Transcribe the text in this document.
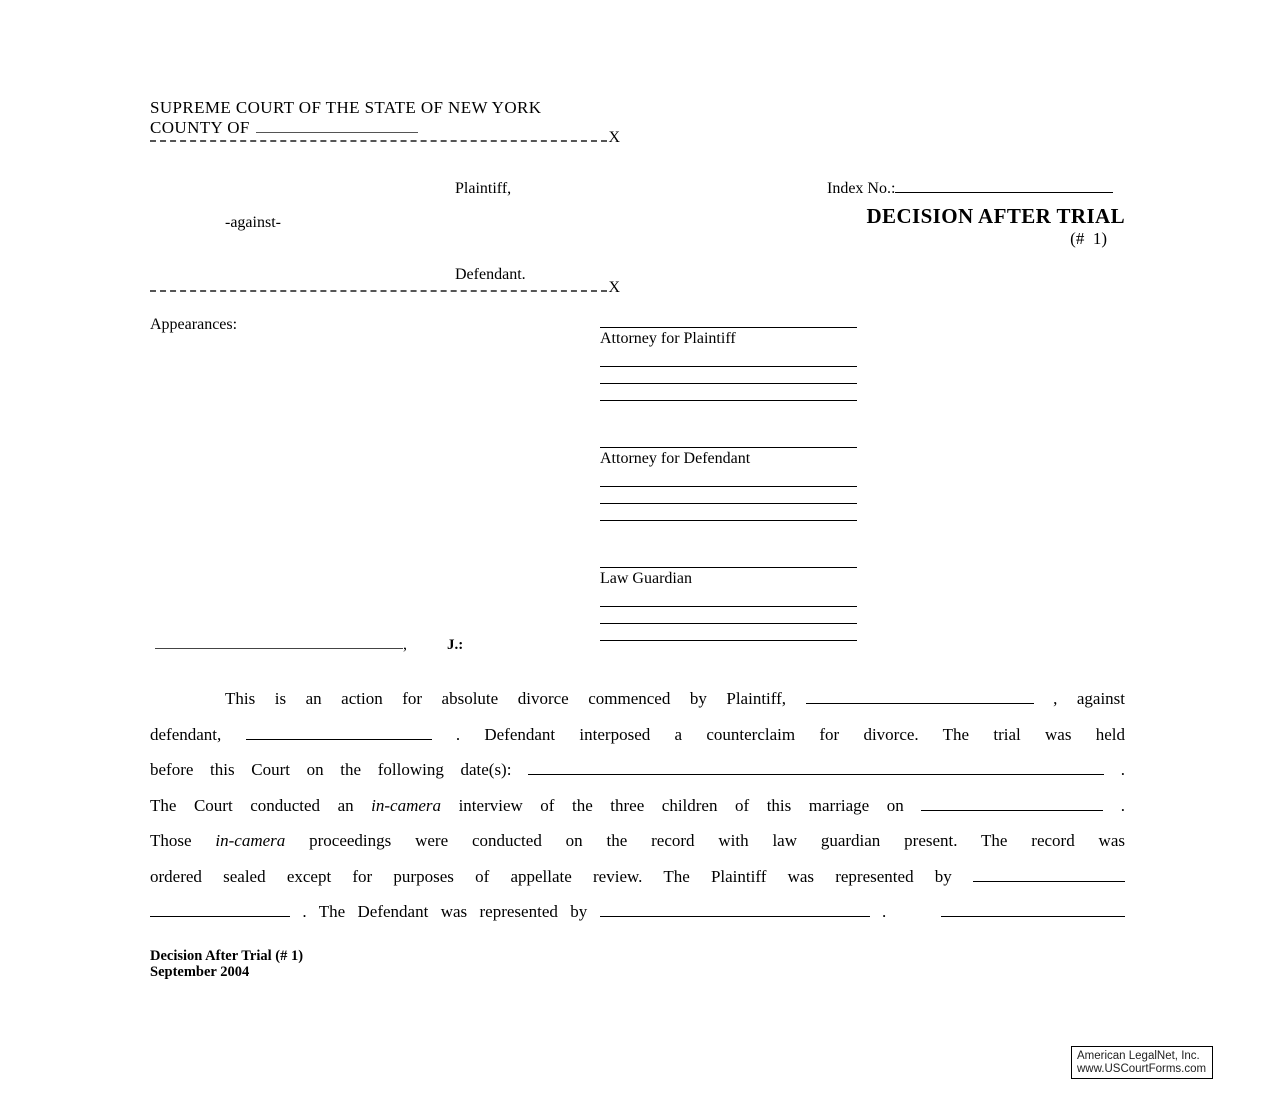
SUPREME COURT OF THE STATE OF NEW YORK
COUNTY OF
X
Plaintiff,
-against-
Defendant.
Index No.:
DECISION AFTER TRIAL
(#  1)
X
Appearances:
Attorney for Plaintiff
Attorney for Defendant
Law Guardian
,	J.:
This is an action for absolute divorce commenced by Plaintiff,	, against
defendant,	. Defendant interposed a counterclaim for divorce. The trial was held
before this Court on the following date(s):	.
The Court conducted an in-camera interview of the three children of this marriage on	.
Those in-camera proceedings were conducted on the record with law guardian present. The record was
ordered sealed except for purposes of appellate review. The Plaintiff was represented by
. The Defendant was represented by	.
Decision After Trial (# 1)
September 2004
American LegalNet, Inc.
www.USCourtForms.com
